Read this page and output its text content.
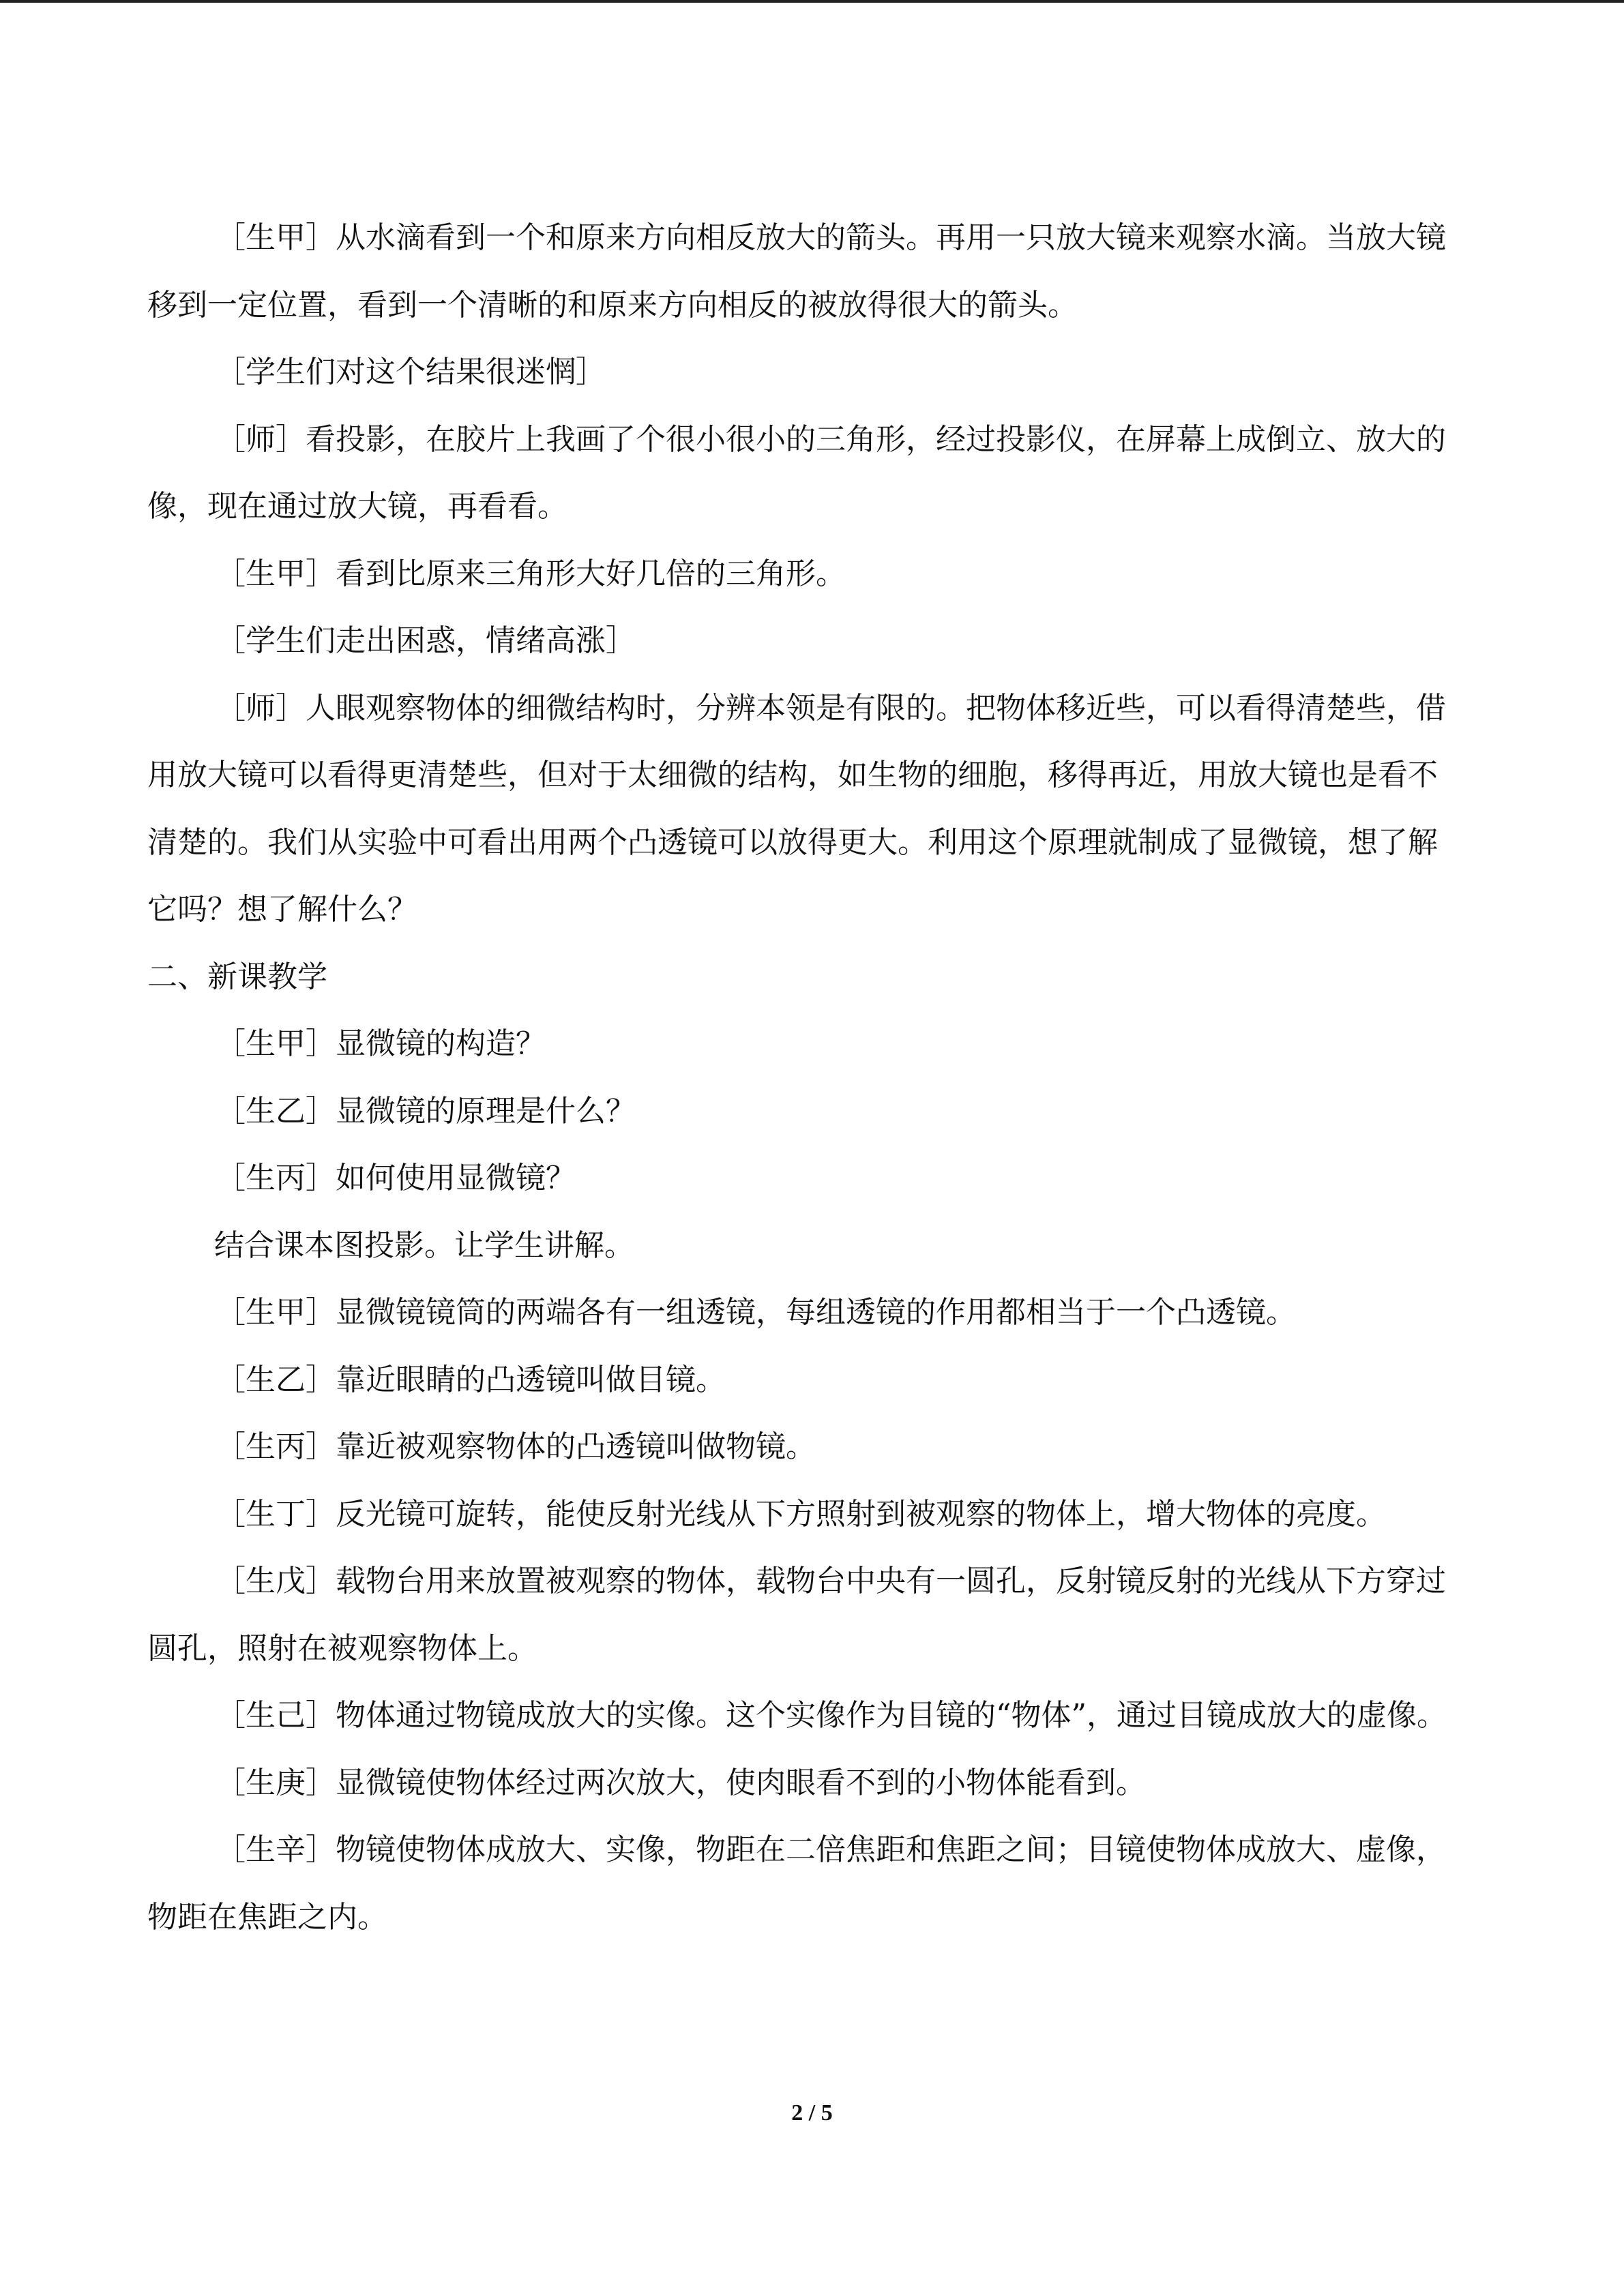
［生甲］从水滴看到一个和原来方向相反放大的箭头。再用一只放大镜来观察水滴。当放大镜移到一定位置，看到一个清晰的和原来方向相反的被放得很大的箭头。

［学生们对这个结果很迷惘］

［师］看投影，在胶片上我画了个很小很小的三角形，经过投影仪，在屏幕上成倒立、放大的像，现在通过放大镜，再看看。

［生甲］看到比原来三角形大好几倍的三角形。

［学生们走出困惑，情绪高涨］

［师］人眼观察物体的细微结构时，分辨本领是有限的。把物体移近些，可以看得清楚些，借用放大镜可以看得更清楚些，但对于太细微的结构，如生物的细胞，移得再近，用放大镜也是看不清楚的。我们从实验中可看出用两个凸透镜可以放得更大。利用这个原理就制成了显微镜，想了解它吗？想了解什么？

二、新课教学

［生甲］显微镜的构造？

［生乙］显微镜的原理是什么？

［生丙］如何使用显微镜？

结合课本图投影。让学生讲解。

［生甲］显微镜镜筒的两端各有一组透镜，每组透镜的作用都相当于一个凸透镜。

［生乙］靠近眼睛的凸透镜叫做目镜。

［生丙］靠近被观察物体的凸透镜叫做物镜。

［生丁］反光镜可旋转，能使反射光线从下方照射到被观察的物体上，增大物体的亮度。

［生戊］载物台用来放置被观察的物体，载物台中央有一圆孔，反射镜反射的光线从下方穿过圆孔，照射在被观察物体上。

［生己］物体通过物镜成放大的实像。这个实像作为目镜的“物体”，通过目镜成放大的虚像。

［生庚］显微镜使物体经过两次放大，使肉眼看不到的小物体能看到。

［生辛］物镜使物体成放大、实像，物距在二倍焦距和焦距之间；目镜使物体成放大、虚像，物距在焦距之内。

2 / 5
